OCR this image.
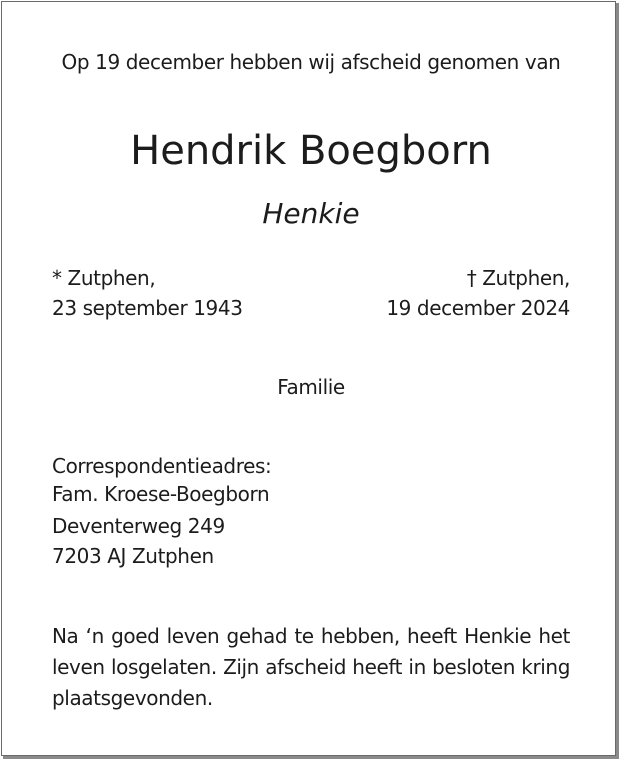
Op 19 december hebben wij afscheid genomen van
Hendrik Boegborn
Henkie
* Zutphen,
23 september 1943
† Zutphen,
19 december 2024
Familie
Correspondentieadres:
Fam. Kroese-Boegborn
Deventerweg 249
7203 AJ Zutphen
Na ‘n goed leven gehad te hebben, heeft Henkie het leven losgelaten. Zijn afscheid heeft in besloten kring plaatsgevonden.
